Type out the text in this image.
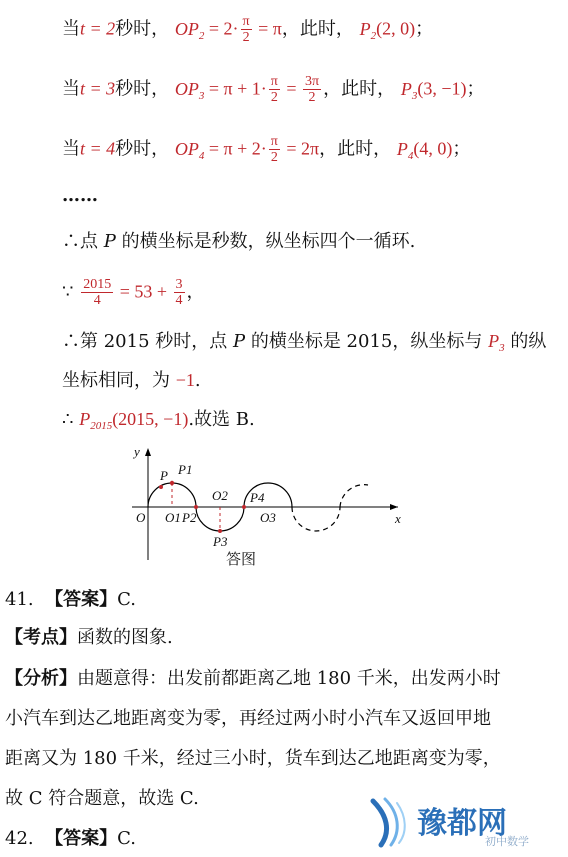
当t = 2秒时， $OP_2 = 2\cdot \frac{\pi}{2} = \pi$，此时， $P_2(2$, 0)；
当t = 3秒时， $OP_3 = \pi + 1\cdot \frac{\pi}{2} = \frac{3\pi}{2}$ ，此时， $P_3(3$, −1)；
当t = 4秒时， $OP_4 = \pi + 2\cdot \frac{\pi}{2} = 2\pi$，此时， $P_4(4$, 0)；
……
∴点 P 的横坐标是秒数，纵坐标四个一循环.
∵ $\frac{2015}{4} = 53 + \frac{3}{4}$ ，
∴第 2015 秒时，点 P 的横坐标是 2015，纵坐标与 $P_3$ 的纵
坐标相同，为 −1.
∴ $P_{2015}(2015$, −1).故选 B.
y
x
O
P P1
O1 P2
O2 P4
O3
P3
答图
41. 【答案】C.
【考点】函数的图象.
【分析】由题意得：出发前都距离乙地 180 千米，出发两小时
小汽车到达乙地距离变为零，再经过两小时小汽车又返回甲地
距离又为 180 千米，经过三小时，货车到达乙地距离变为零，
故 C 符合题意，故选 C.
42. 【答案】C.	豫都网
初中数学
